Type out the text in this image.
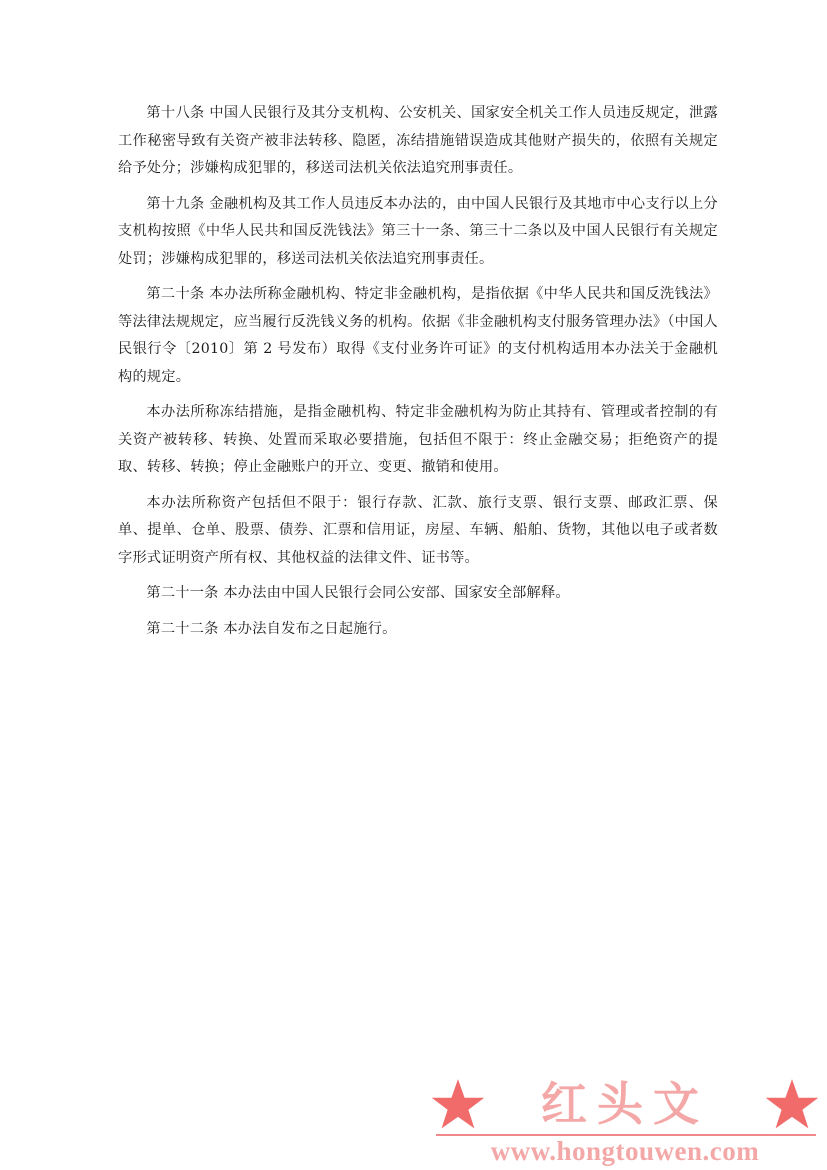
第十八条 中国人民银行及其分支机构、公安机关、国家安全机关工作人员违反规定，泄露工作秘密导致有关资产被非法转移、隐匿，冻结措施错误造成其他财产损失的，依照有关规定给予处分；涉嫌构成犯罪的，移送司法机关依法追究刑事责任。

第十九条 金融机构及其工作人员违反本办法的，由中国人民银行及其地市中心支行以上分支机构按照《中华人民共和国反洗钱法》第三十一条、第三十二条以及中国人民银行有关规定处罚；涉嫌构成犯罪的，移送司法机关依法追究刑事责任。

第二十条 本办法所称金融机构、特定非金融机构，是指依据《中华人民共和国反洗钱法》等法律法规规定，应当履行反洗钱义务的机构。依据《非金融机构支付服务管理办法》（中国人民银行令〔2010〕第 2 号发布）取得《支付业务许可证》的支付机构适用本办法关于金融机构的规定。

本办法所称冻结措施，是指金融机构、特定非金融机构为防止其持有、管理或者控制的有关资产被转移、转换、处置而采取必要措施，包括但不限于：终止金融交易；拒绝资产的提取、转移、转换；停止金融账户的开立、变更、撤销和使用。

本办法所称资产包括但不限于：银行存款、汇款、旅行支票、银行支票、邮政汇票、保单、提单、仓单、股票、债券、汇票和信用证，房屋、车辆、船舶、货物，其他以电子或者数字形式证明资产所有权、其他权益的法律文件、证书等。

第二十一条 本办法由中国人民银行会同公安部、国家安全部解释。

第二十二条 本办法自发布之日起施行。

红头文
www.hongtouwen.com
